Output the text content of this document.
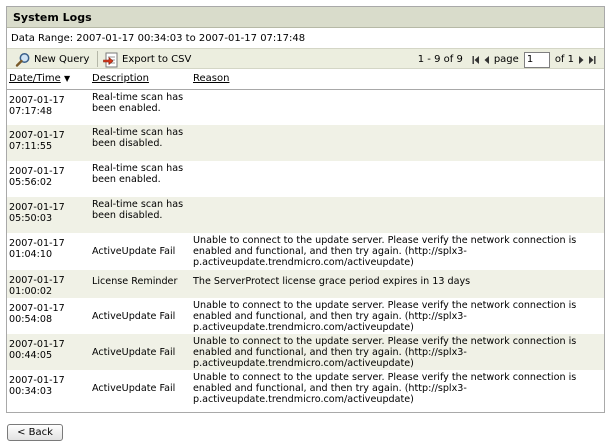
System Logs
Data Range: 2007-01-17 00:34:03 to 2007-01-17 07:17:48
New Query	Export to CSV	1 - 9 of 9	page
1	of 1
Date/Time ▼	Description	Reason

2007-01-17
07:17:48	Real-time scan has been enabled.	

2007-01-17
07:11:55	Real-time scan has been disabled.	

2007-01-17
05:56:02	Real-time scan has been enabled.	

2007-01-17
05:50:03	Real-time scan has been disabled.	

2007-01-17
01:04:10	ActiveUpdate Fail	Unable to connect to the update server. Please verify the network connection is enabled and functional, and then try again. (http://splx3-p.activeupdate.trendmicro.com/activeupdate)

2007-01-17
01:00:02	License Reminder	The ServerProtect license grace period expires in 13 days

2007-01-17
00:54:08	ActiveUpdate Fail	Unable to connect to the update server. Please verify the network connection is enabled and functional, and then try again. (http://splx3-p.activeupdate.trendmicro.com/activeupdate)

2007-01-17
00:44:05	ActiveUpdate Fail	Unable to connect to the update server. Please verify the network connection is enabled and functional, and then try again. (http://splx3-p.activeupdate.trendmicro.com/activeupdate)

2007-01-17
00:34:03	ActiveUpdate Fail	Unable to connect to the update server. Please verify the network connection is enabled and functional, and then try again. (http://splx3-p.activeupdate.trendmicro.com/activeupdate)
< Back
